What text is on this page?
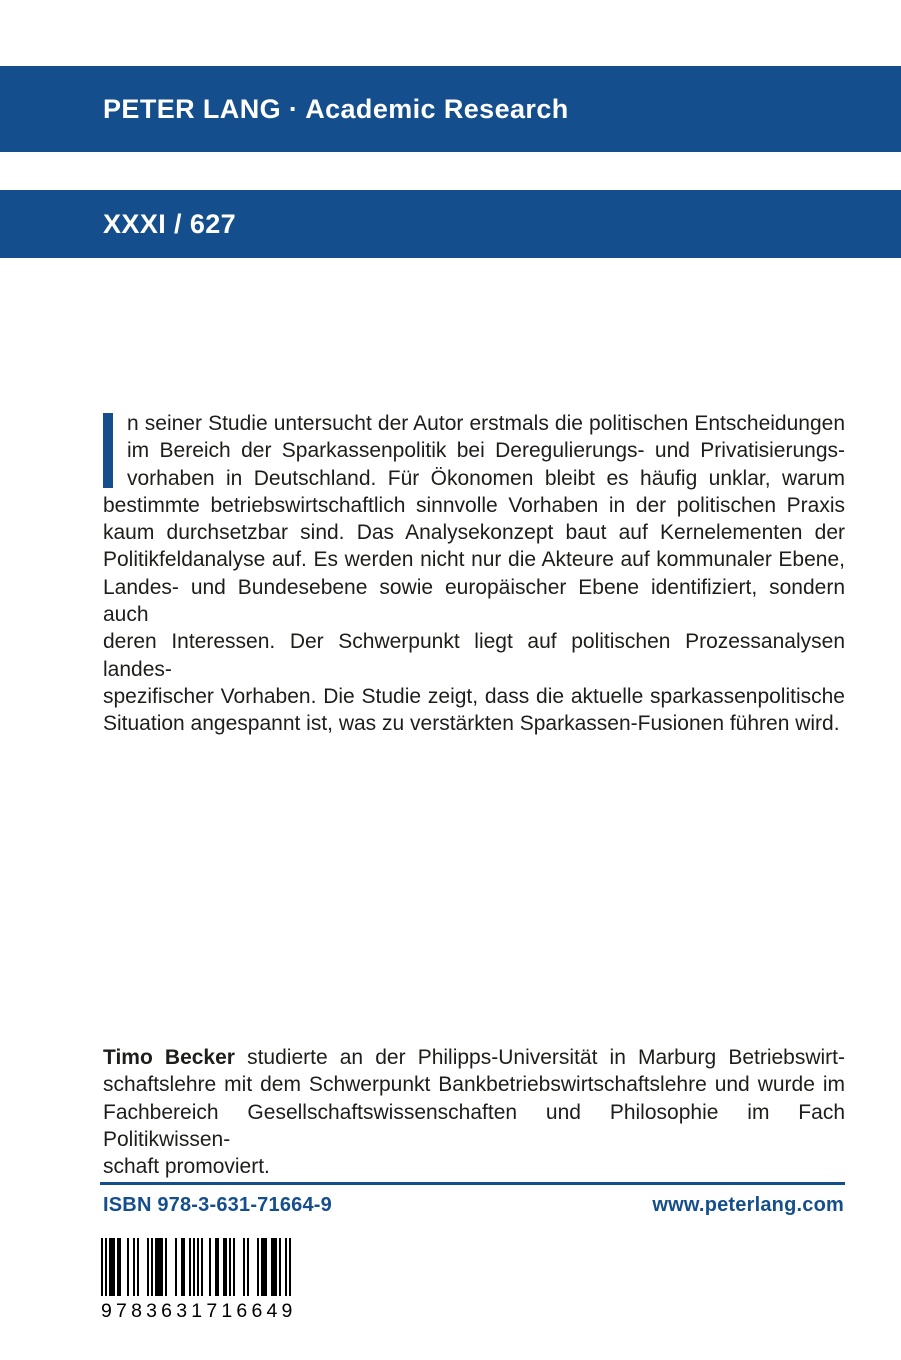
PETER LANG · Academic Research
XXXI / 627
n seiner Studie untersucht der Autor erstmals die politischen Entscheidungen
im Bereich der Sparkassenpolitik bei Deregulierungs- und Privatisierungs-
vorhaben in Deutschland. Für Ökonomen bleibt es häufig unklar, warum
bestimmte betriebswirtschaftlich sinnvolle Vorhaben in der politischen Praxis
kaum durchsetzbar sind. Das Analysekonzept baut auf Kernelementen der
Politikfeldanalyse auf. Es werden nicht nur die Akteure auf kommunaler Ebene,
Landes- und Bundesebene sowie europäischer Ebene identifiziert, sondern auch
deren Interessen. Der Schwerpunkt liegt auf politischen Prozessanalysen landes-
spezifischer Vorhaben. Die Studie zeigt, dass die aktuelle sparkassenpolitische
Situation angespannt ist, was zu verstärkten Sparkassen-Fusionen führen wird.
Timo Becker studierte an der Philipps-Universität in Marburg Betriebswirt-
schaftslehre mit dem Schwerpunkt Bankbetriebswirtschaftslehre und wurde im
Fachbereich Gesellschaftswissenschaften und Philosophie im Fach Politikwissen-
schaft promoviert.
ISBN 978-3-631-71664-9	www.peterlang.com
9783631716649
